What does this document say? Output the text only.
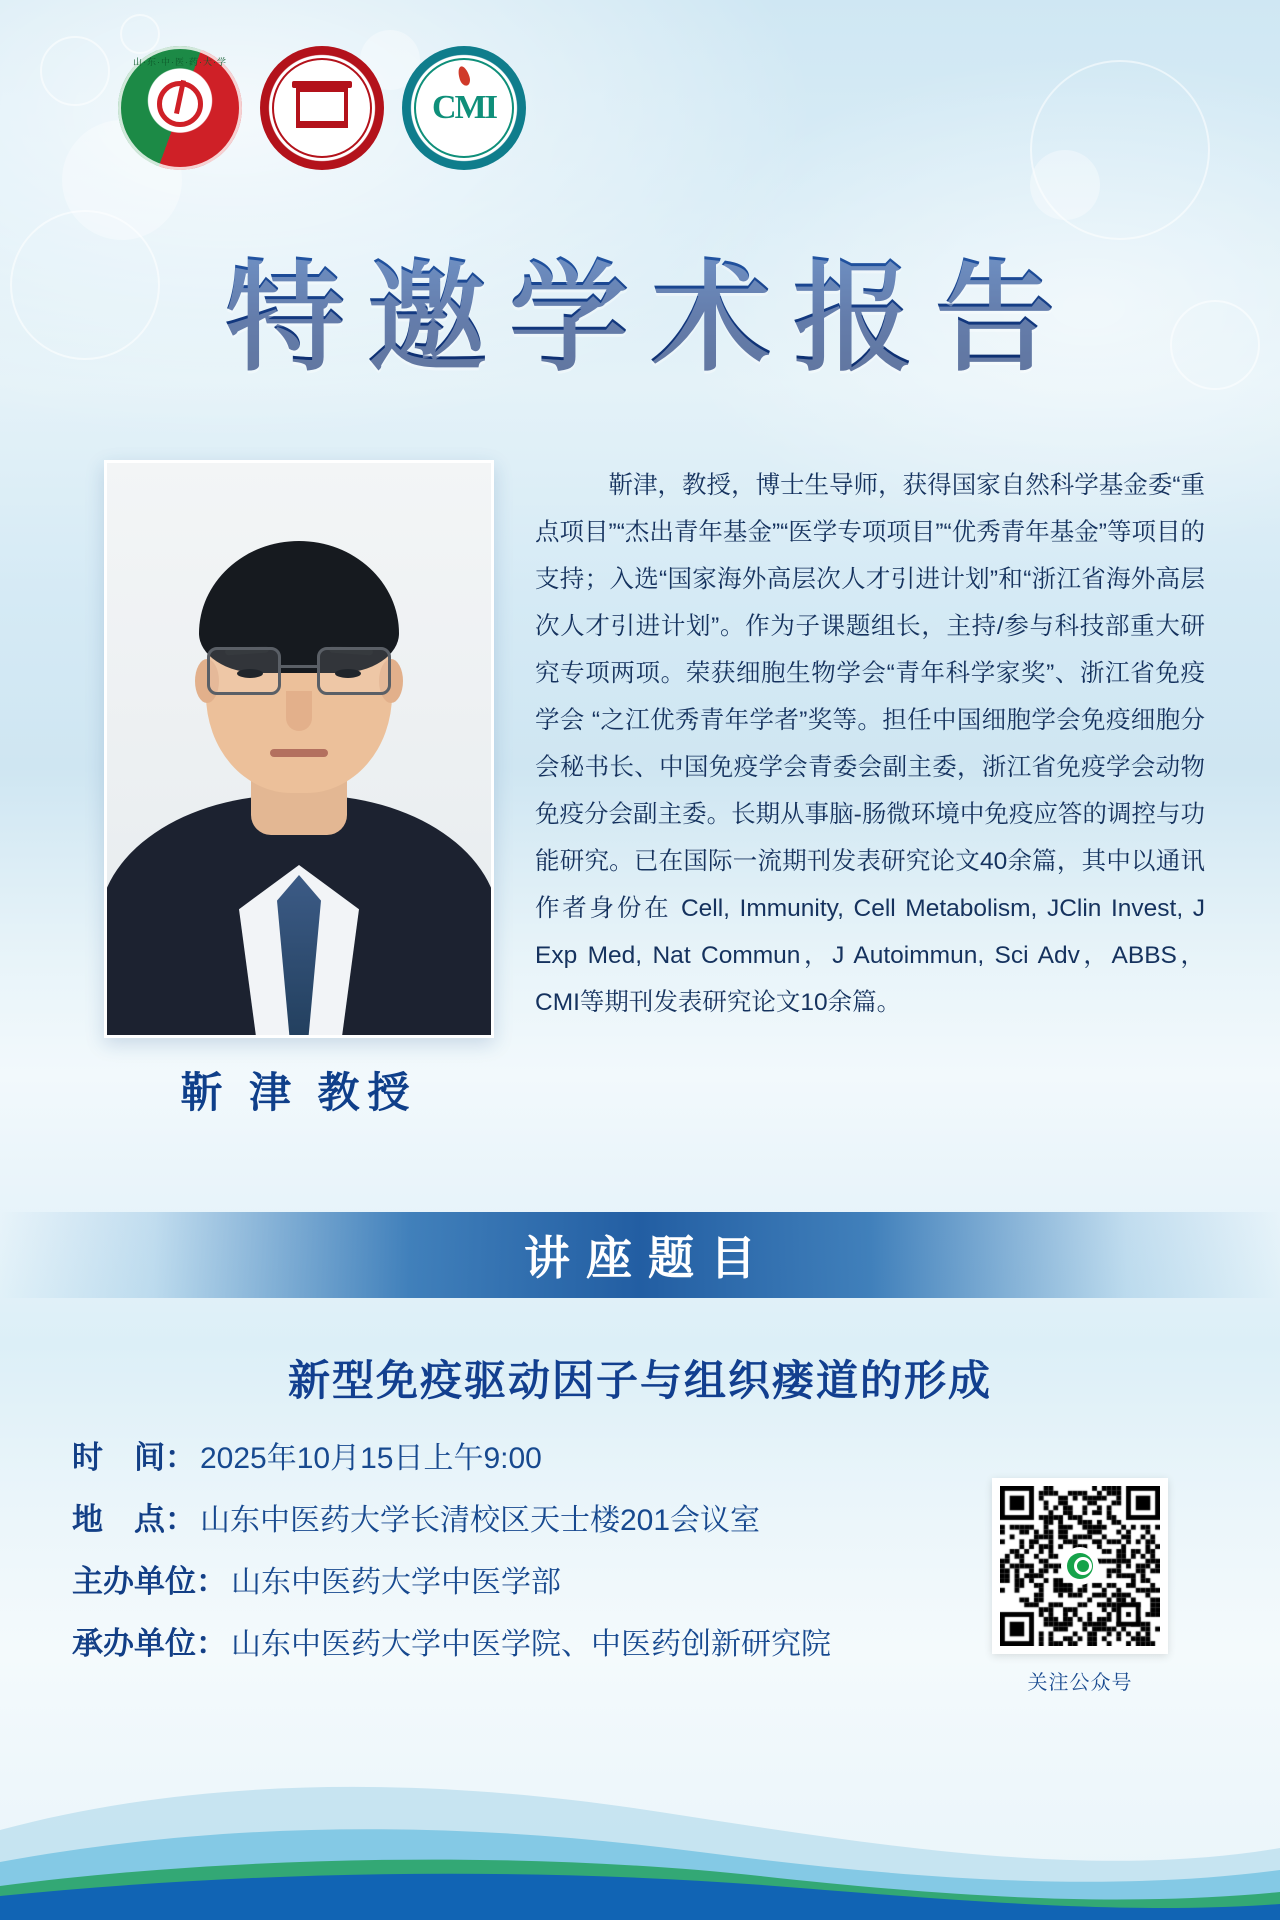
山·东·中·医·药·大·学
CMI
特邀学术报告
靳 津 教授
靳津，教授，博士生导师，获得国家自然科学基金委“重点项目”“杰出青年基金”“医学专项项目”“优秀青年基金”等项目的支持；入选“国家海外高层次人才引进计划”和“浙江省海外高层次人才引进计划”。作为子课题组长，主持/参与科技部重大研究专项两项。荣获细胞生物学会“青年科学家奖”、浙江省免疫学会 “之江优秀青年学者”奖等。担任中国细胞学会免疫细胞分会秘书长、中国免疫学会青委会副主委，浙江省免疫学会动物免疫分会副主委。长期从事脑-肠微环境中免疫应答的调控与功能研究。已在国际一流期刊发表研究论文40余篇，其中以通讯作者身份在 Cell, Immunity, Cell Metabolism, JClin Invest, J Exp Med, Nat Commun，J Autoimmun, Sci Adv，ABBS，CMI等期刊发表研究论文10余篇。
讲座题目
新型免疫驱动因子与组织瘘道的形成
时    间 ： 2025年10月15日上午9:00
地    点 ： 山东中医药大学长清校区天士楼201会议室
主办单位 ： 山东中医药大学中医学部
承办单位 ： 山东中医药大学中医学院、中医药创新研究院
关注公众号
